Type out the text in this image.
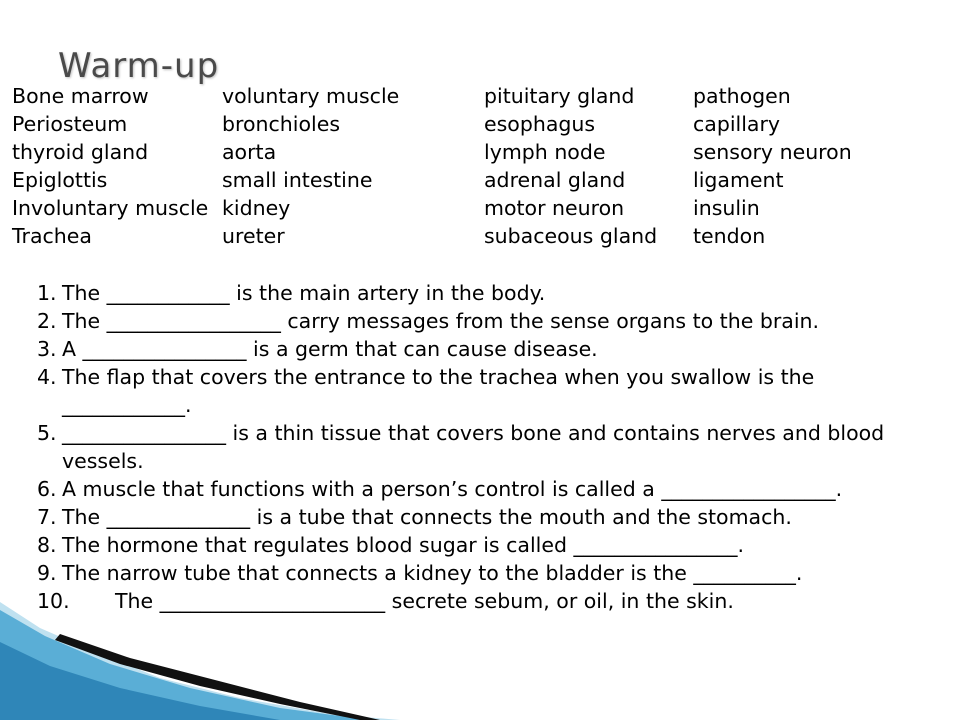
Warm-up
Bone marrow
Periosteum
thyroid gland
Epiglottis
Involuntary muscle
Trachea
voluntary muscle
bronchioles
aorta
small intestine
kidney
ureter
pituitary gland
esophagus
lymph node
adrenal gland
motor neuron
subaceous gland
pathogen
capillary
sensory neuron
ligament
insulin
tendon
1. The ____________ is the main artery in the body.
2. The _________________ carry messages from the sense organs to the brain.
3. A ________________ is a germ that can cause disease.
4. The flap that covers the entrance to the trachea when you swallow is the ____________.
5. ________________ is a thin tissue that covers bone and contains nerves and blood vessels.
6. A muscle that functions with a person’s control is called a _________________.
7. The ______________ is a tube that connects the mouth and the stomach.
8. The hormone that regulates blood sugar is called ________________.
9. The narrow tube that connects a kidney to the bladder is the __________.
10.	The ______________________ secrete sebum, or oil, in the skin.
